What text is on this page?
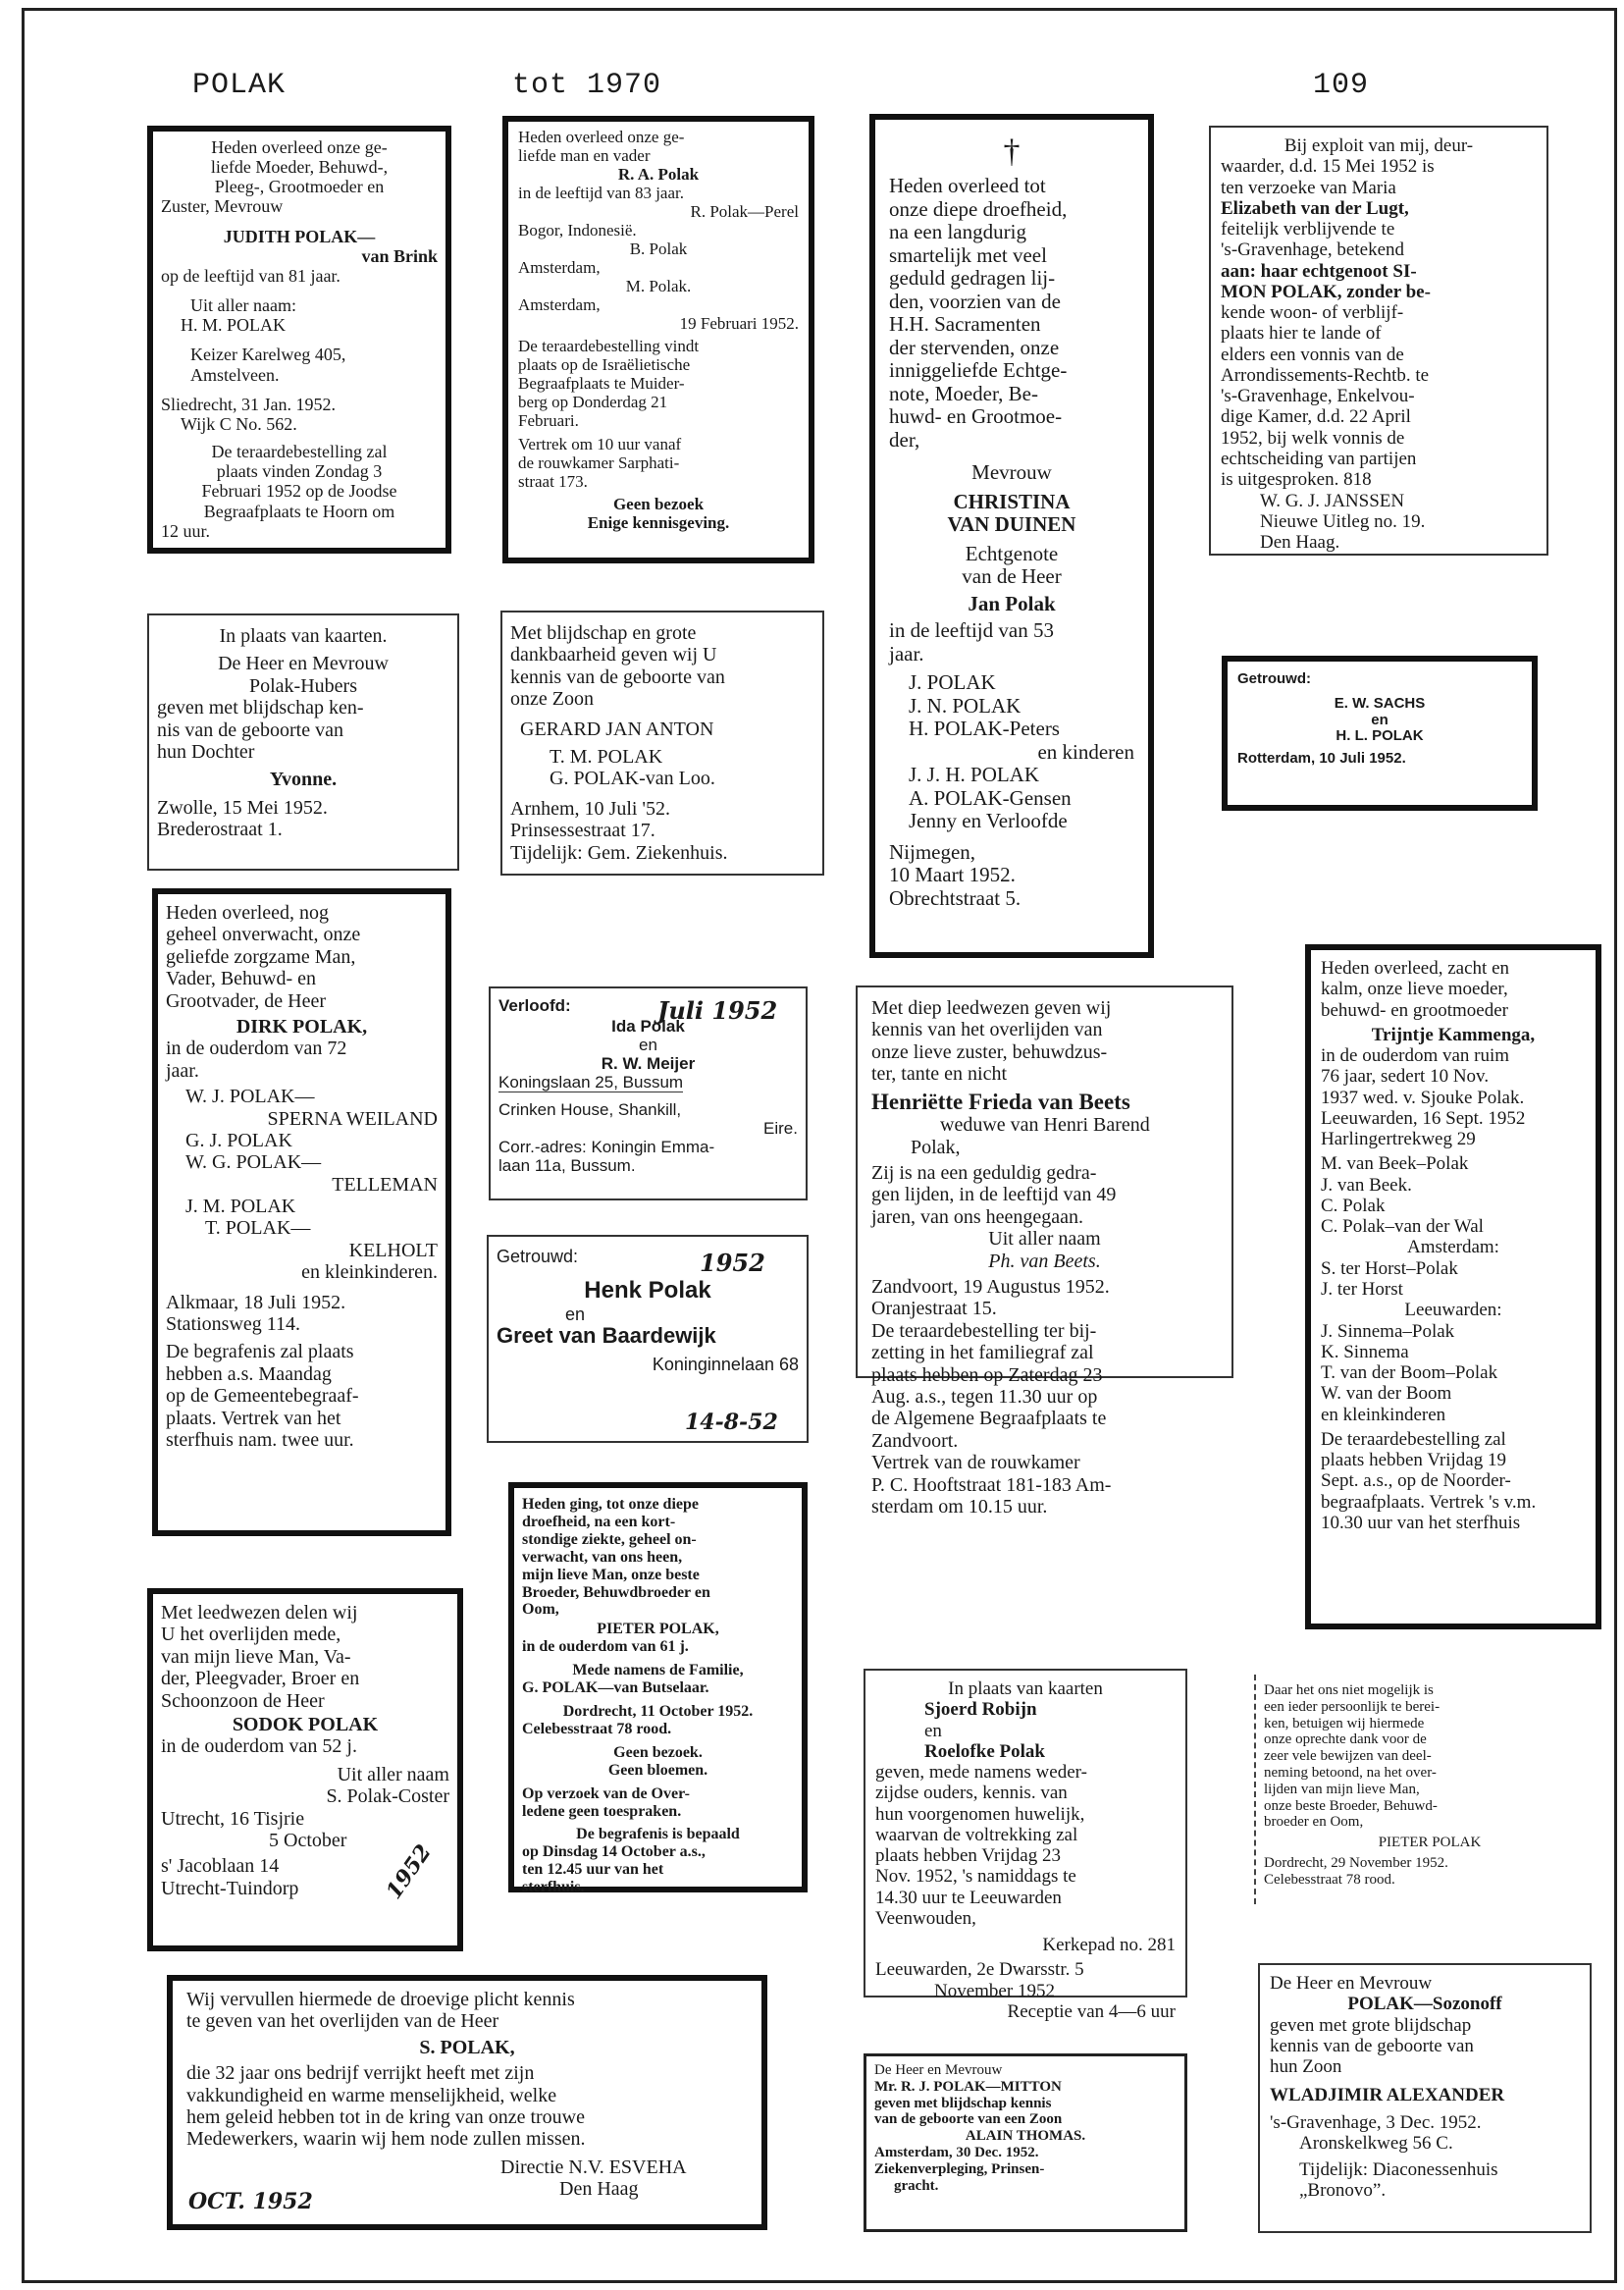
POLAK	tot 1970	109
Heden overleed onze ge-
liefde Moeder, Behuwd-,
Pleeg-, Grootmoeder en
Zuster, Mevrouw
JUDITH POLAK—
van Brink
op de leeftijd van 81 jaar.
Uit aller naam:
H. M. POLAK
Keizer Karelweg 405,
Amstelveen.
Sliedrecht, 31 Jan. 1952.
Wijk C No. 562.
De teraardebestelling zal
plaats vinden Zondag 3
Februari 1952 op de Joodse
Begraafplaats te Hoorn om
12 uur.
In plaats van kaarten.
De Heer en Mevrouw
Polak-Hubers
geven met blijdschap ken-
nis van de geboorte van
hun Dochter
Yvonne.
Zwolle, 15 Mei 1952.
Brederostraat 1.
Heden overleed, nog
geheel onverwacht, onze
geliefde zorgzame Man,
Vader, Behuwd- en
Grootvader, de Heer
DIRK POLAK,
in de ouderdom van 72
jaar.
W. J. POLAK—
SPERNA WEILAND
G. J. POLAK
W. G. POLAK—
TELLEMAN
J. M. POLAK
T. POLAK—
KELHOLT
en kleinkinderen.
Alkmaar, 18 Juli 1952.
Stationsweg 114.
De begrafenis zal plaats
hebben a.s. Maandag
op de Gemeentebegraaf-
plaats. Vertrek van het
sterfhuis nam. twee uur.
Met leedwezen delen wij
U het overlijden mede,
van mijn lieve Man, Va-
der, Pleegvader, Broer en
Schoonzoon de Heer
SODOK POLAK
in de ouderdom van 52 j.
Uit aller naam
S. Polak-Coster
Utrecht, 16 Tisjrie
5 October
s' Jacoblaan 14
Utrecht-Tuindorp	1952
Wij vervullen hiermede de droevige plicht kennis
te geven van het overlijden van de Heer
S. POLAK,
die 32 jaar ons bedrijf verrijkt heeft met zijn
vakkundigheid en warme menselijkheid, welke
hem geleid hebben tot in de kring van onze trouwe
Medewerkers, waarin wij hem node zullen missen.
Directie N.V. ESVEHA
Den Haag
OCT. 1952
Heden overleed onze ge-
liefde man en vader
R. A. Polak
in de leeftijd van 83 jaar.
R. Polak—Perel
Bogor, Indonesië.
B. Polak
Amsterdam,
M. Polak.
Amsterdam,
19 Februari 1952.
De teraardebestelling vindt
plaats op de Israëlietische
Begraafplaats te Muider-
berg op Donderdag 21
Februari.
Vertrek om 10 uur vanaf
de rouwkamer Sarphati-
straat 173.
Geen bezoek
Enige kennisgeving.
Met blijdschap en grote
dankbaarheid geven wij U
kennis van de geboorte van
onze Zoon
GERARD JAN ANTON
T. M. POLAK
G. POLAK-van Loo.
Arnhem, 10 Juli '52.
Prinsessestraat 17.
Tijdelijk: Gem. Ziekenhuis.
Verloofd:
Ida Polak
en
R. W. Meijer
Koningslaan 25, Bussum
Crinken House, Shankill,
Eire.
Corr.-adres: Koningin Emma-
laan 11a, Bussum.
Juli 1952
Getrouwd:
Henk Polak
en
Greet van Baardewijk
Koninginnelaan 68
1952
14-8-52
Heden ging, tot onze diepe
droefheid, na een kort-
stondige ziekte, geheel on-
verwacht, van ons heen,
mijn lieve Man, onze beste
Broeder, Behuwdbroeder en
Oom,
PIETER POLAK,
in de ouderdom van 61 j.
Mede namens de Familie,
G. POLAK—van Butselaar.
Dordrecht, 11 October 1952.
Celebesstraat 78 rood.
Geen bezoek.
Geen bloemen.
Op verzoek van de Over-
ledene geen toespraken.
De begrafenis is bepaald
op Dinsdag 14 October a.s.,
ten 12.45 uur van het
sterfhuis.
†
Heden overleed tot
onze diepe droefheid,
na een langdurig
smartelijk met veel
geduld gedragen lij-
den, voorzien van de
H.H. Sacramenten
der stervenden, onze
inniggeliefde Echtge-
note, Moeder, Be-
huwd- en Grootmoe-
der,
Mevrouw
CHRISTINA
VAN DUINEN
Echtgenote
van de Heer
Jan Polak
in de leeftijd van 53
jaar.
J. POLAK
J. N. POLAK
H. POLAK-Peters
en kinderen
J. J. H. POLAK
A. POLAK-Gensen
Jenny en Verloofde
Nijmegen,
10 Maart 1952.
Obrechtstraat 5.
Met diep leedwezen geven wij
kennis van het overlijden van
onze lieve zuster, behuwdzus-
ter, tante en nicht
Henriëtte Frieda van Beets
weduwe van Henri Barend
Polak,
Zij is na een geduldig gedra-
gen lijden, in de leeftijd van 49
jaren, van ons heengegaan.
Uit aller naam
Ph. van Beets.
Zandvoort, 19 Augustus 1952.
Oranjestraat 15.
De teraardebestelling ter bij-
zetting in het familiegraf zal
plaats hebben op Zaterdag 23
Aug. a.s., tegen 11.30 uur op
de Algemene Begraafplaats te
Zandvoort.
Vertrek van de rouwkamer
P. C. Hooftstraat 181-183 Am-
sterdam om 10.15 uur.
In plaats van kaarten
Sjoerd Robijn
en
Roelofke Polak
geven, mede namens weder-
zijdse ouders, kennis. van
hun voorgenomen huwelijk,
waarvan de voltrekking zal
plaats hebben Vrijdag 23
Nov. 1952, 's namiddags te
14.30 uur te Leeuwarden
Veenwouden,
Kerkepad no. 281
Leeuwarden, 2e Dwarsstr. 5
November 1952
Receptie van 4—6 uur
De Heer en Mevrouw
Mr. R. J. POLAK—MITTON
geven met blijdschap kennis
van de geboorte van een Zoon
ALAIN THOMAS.
Amsterdam, 30 Dec. 1952.
Ziekenverpleging, Prinsen-
gracht.
Bij exploit van mij, deur-
waarder, d.d. 15 Mei 1952 is
ten verzoeke van Maria
Elizabeth van der Lugt,
feitelijk verblijvende te
's-Gravenhage, betekend
aan: haar echtgenoot SI-
MON POLAK, zonder be-
kende woon- of verblijf-
plaats hier te lande of
elders een vonnis van de
Arrondissements-Rechtb. te
's-Gravenhage, Enkelvou-
dige Kamer, d.d. 22 April
1952, bij welk vonnis de
echtscheiding van partijen
is uitgesproken. 818
W. G. J. JANSSEN
Nieuwe Uitleg no. 19.
Den Haag.
Getrouwd:
E. W. SACHS
en
H. L. POLAK
Rotterdam, 10 Juli 1952.
Heden overleed, zacht en
kalm, onze lieve moeder,
behuwd- en grootmoeder
Trijntje Kammenga,
in de ouderdom van ruim
76 jaar, sedert 10 Nov.
1937 wed. v. Sjouke Polak.
Leeuwarden, 16 Sept. 1952
Harlingertrekweg 29
M. van Beek–Polak
J. van Beek.
C. Polak
C. Polak–van der Wal
Amsterdam:
S. ter Horst–Polak
J. ter Horst
Leeuwarden:
J. Sinnema–Polak
K. Sinnema
T. van der Boom–Polak
W. van der Boom
en kleinkinderen
De teraardebestelling zal
plaats hebben Vrijdag 19
Sept. a.s., op de Noorder-
begraafplaats. Vertrek 's v.m.
10.30 uur van het sterfhuis
Daar het ons niet mogelijk is
een ieder persoonlijk te berei-
ken, betuigen wij hiermede
onze oprechte dank voor de
zeer vele bewijzen van deel-
neming betoond, na het over-
lijden van mijn lieve Man,
onze beste Broeder, Behuwd-
broeder en Oom,
PIETER POLAK
Dordrecht, 29 November 1952.
Celebesstraat 78 rood.
De Heer en Mevrouw
POLAK—Sozonoff
geven met grote blijdschap
kennis van de geboorte van
hun Zoon
WLADJIMIR ALEXANDER
's-Gravenhage, 3 Dec. 1952.
Aronskelkweg 56 C.
Tijdelijk: Diaconessenhuis
„Bronovo”.
